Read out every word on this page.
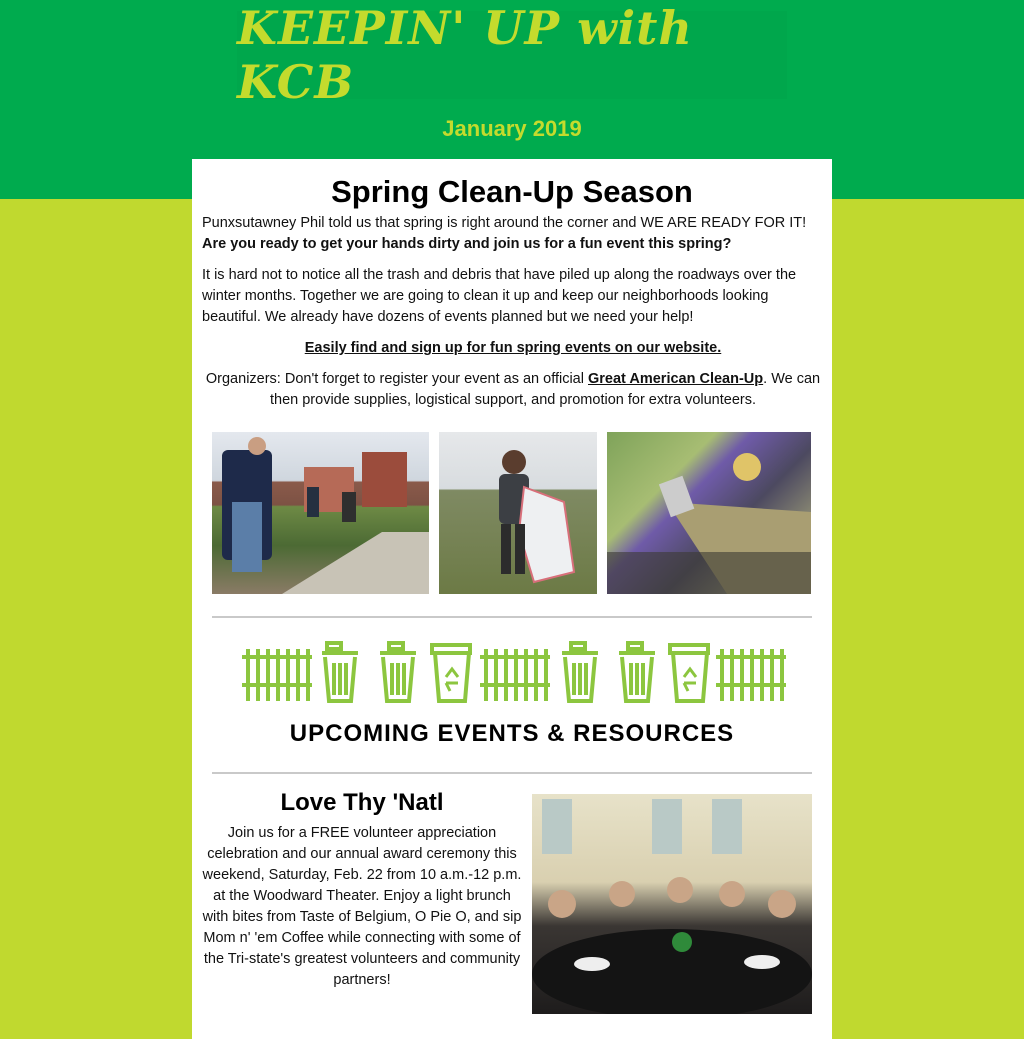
KEEPIN' UP with KCB
January 2019
Spring Clean-Up Season

Punxsutawney Phil told us that spring is right around the corner and WE ARE READY FOR IT! Are you ready to get your hands dirty and join us for a fun event this spring?

It is hard not to notice all the trash and debris that have piled up along the roadways over the winter months. Together we are going to clean it up and keep our neighborhoods looking beautiful. We already have dozens of events planned but we need your help!

Easily find and sign up for fun spring events on our website.

Organizers: Don't forget to register your event as an official Great American Clean-Up. We can then provide supplies, logistical support, and promotion for extra volunteers.

UPCOMING EVENTS & RESOURCES
Love Thy 'Natl

Join us for a FREE volunteer appreciation celebration and our annual award ceremony this weekend, Saturday, Feb. 22 from 10 a.m.-12 p.m. at the Woodward Theater. Enjoy a light brunch with bites from Taste of Belgium, O Pie O, and sip Mom n' 'em Coffee while connecting with some of the Tri-state's greatest volunteers and community partners!
